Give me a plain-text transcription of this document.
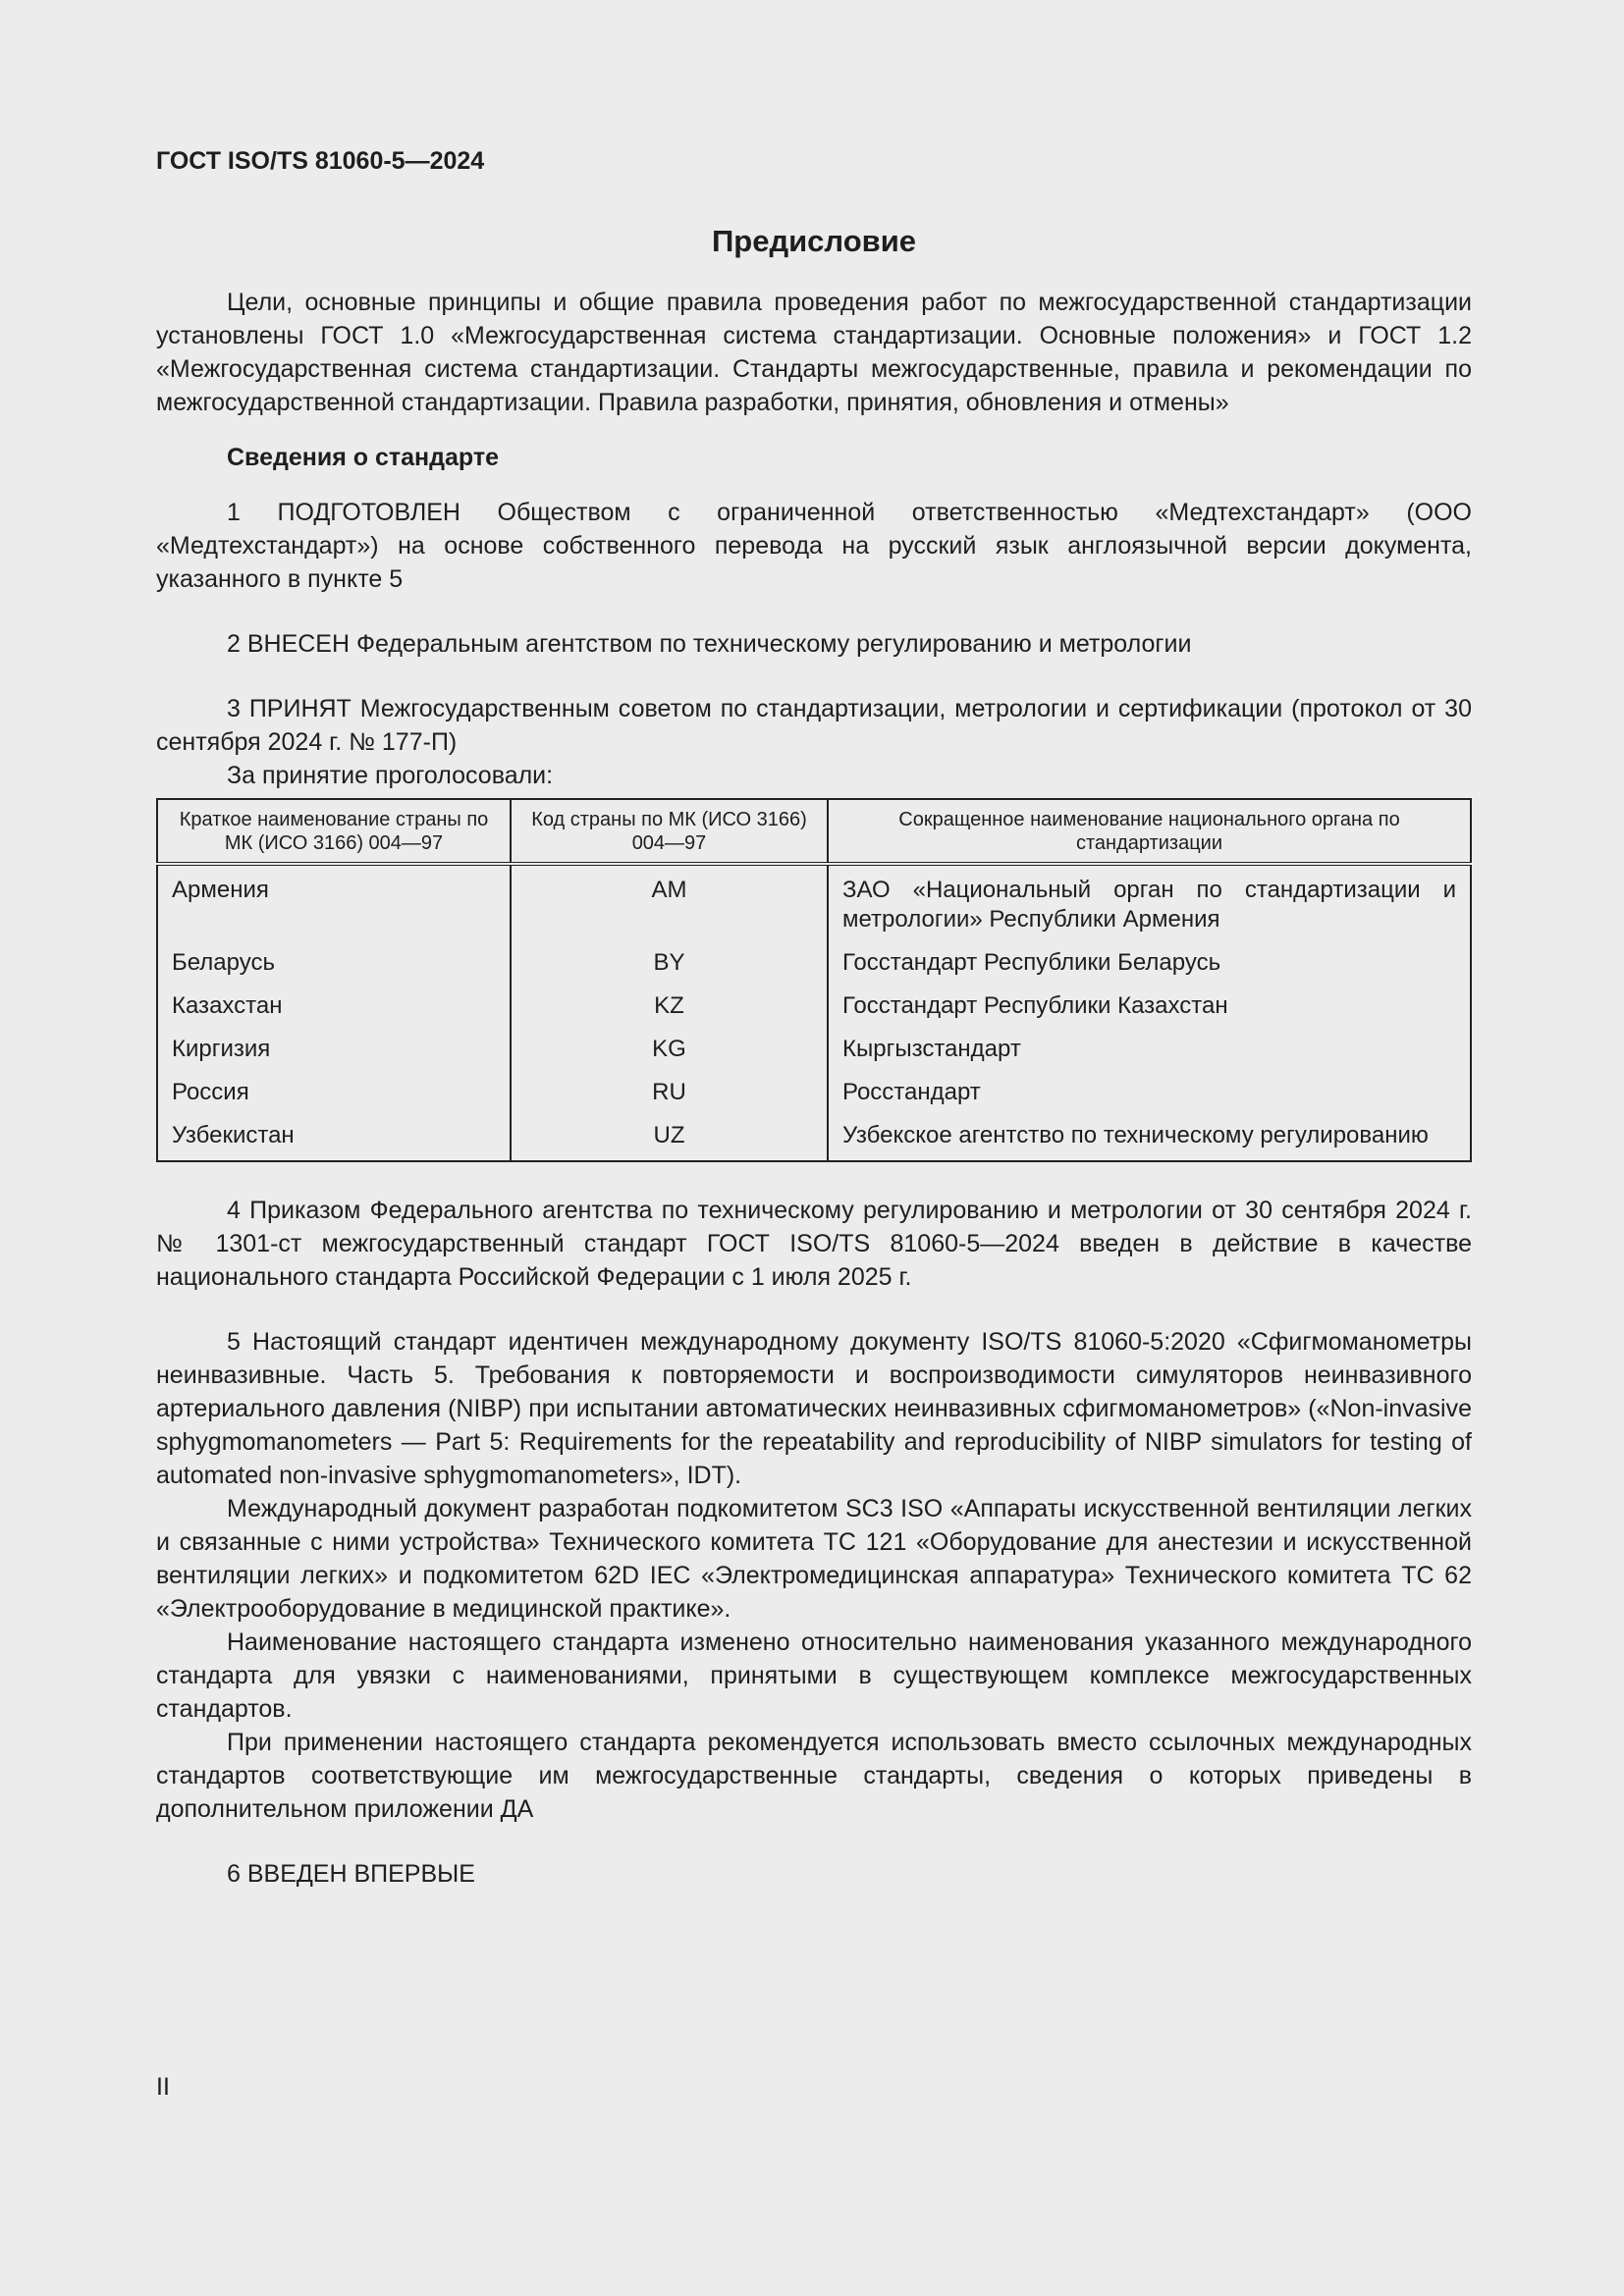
ГОСТ ISO/TS 81060-5—2024

Предисловие

Цели, основные принципы и общие правила проведения работ по межгосударственной стандартизации установлены ГОСТ 1.0 «Межгосударственная система стандартизации. Основные положения» и ГОСТ 1.2 «Межгосударственная система стандартизации. Стандарты межгосударственные, правила и рекомендации по межгосударственной стандартизации. Правила разработки, принятия, обновления и отмены»

Сведения о стандарте

1 ПОДГОТОВЛЕН Обществом с ограниченной ответственностью «Медтехстандарт» (ООО «Медтехстандарт») на основе собственного перевода на русский язык англоязычной версии документа, указанного в пункте 5

2 ВНЕСЕН Федеральным агентством по техническому регулированию и метрологии

3 ПРИНЯТ Межгосударственным советом по стандартизации, метрологии и сертификации (протокол от 30 сентября 2024 г. № 177-П)

За принятие проголосовали:

Краткое наименование страны по МК (ИСО 3166) 004—97	Код страны по МК (ИСО 3166) 004—97	Сокращенное наименование национального органа по стандартизации
Армения	AM	ЗАО «Национальный орган по стандартизации и метрологии» Республики Армения
Беларусь	BY	Госстандарт Республики Беларусь
Казахстан	KZ	Госстандарт Республики Казахстан
Киргизия	KG	Кыргызстандарт
Россия	RU	Росстандарт
Узбекистан	UZ	Узбекское агентство по техническому регулированию

4 Приказом Федерального агентства по техническому регулированию и метрологии от 30 сентября 2024 г. № 1301-ст межгосударственный стандарт ГОСТ ISO/TS 81060-5—2024 введен в действие в качестве национального стандарта Российской Федерации с 1 июля 2025 г.

5 Настоящий стандарт идентичен международному документу ISO/TS 81060-5:2020 «Сфигмоманометры неинвазивные. Часть 5. Требования к повторяемости и воспроизводимости симуляторов неинвазивного артериального давления (NIBP) при испытании автоматических неинвазивных сфигмоманометров» («Non-invasive sphygmomanometers — Part 5: Requirements for the repeatability and reproducibility of NIBP simulators for testing of automated non-invasive sphygmomanometers», IDT).

Международный документ разработан подкомитетом SC3 ISO «Аппараты искусственной вентиляции легких и связанные с ними устройства» Технического комитета ТС 121 «Оборудование для анестезии и искусственной вентиляции легких» и подкомитетом 62D IEC «Электромедицинская аппаратура» Технического комитета ТС 62 «Электрооборудование в медицинской практике».

Наименование настоящего стандарта изменено относительно наименования указанного международного стандарта для увязки с наименованиями, принятыми в существующем комплексе межгосударственных стандартов.

При применении настоящего стандарта рекомендуется использовать вместо ссылочных международных стандартов соответствующие им межгосударственные стандарты, сведения о которых приведены в дополнительном приложении ДА

6 ВВЕДЕН ВПЕРВЫЕ

II
